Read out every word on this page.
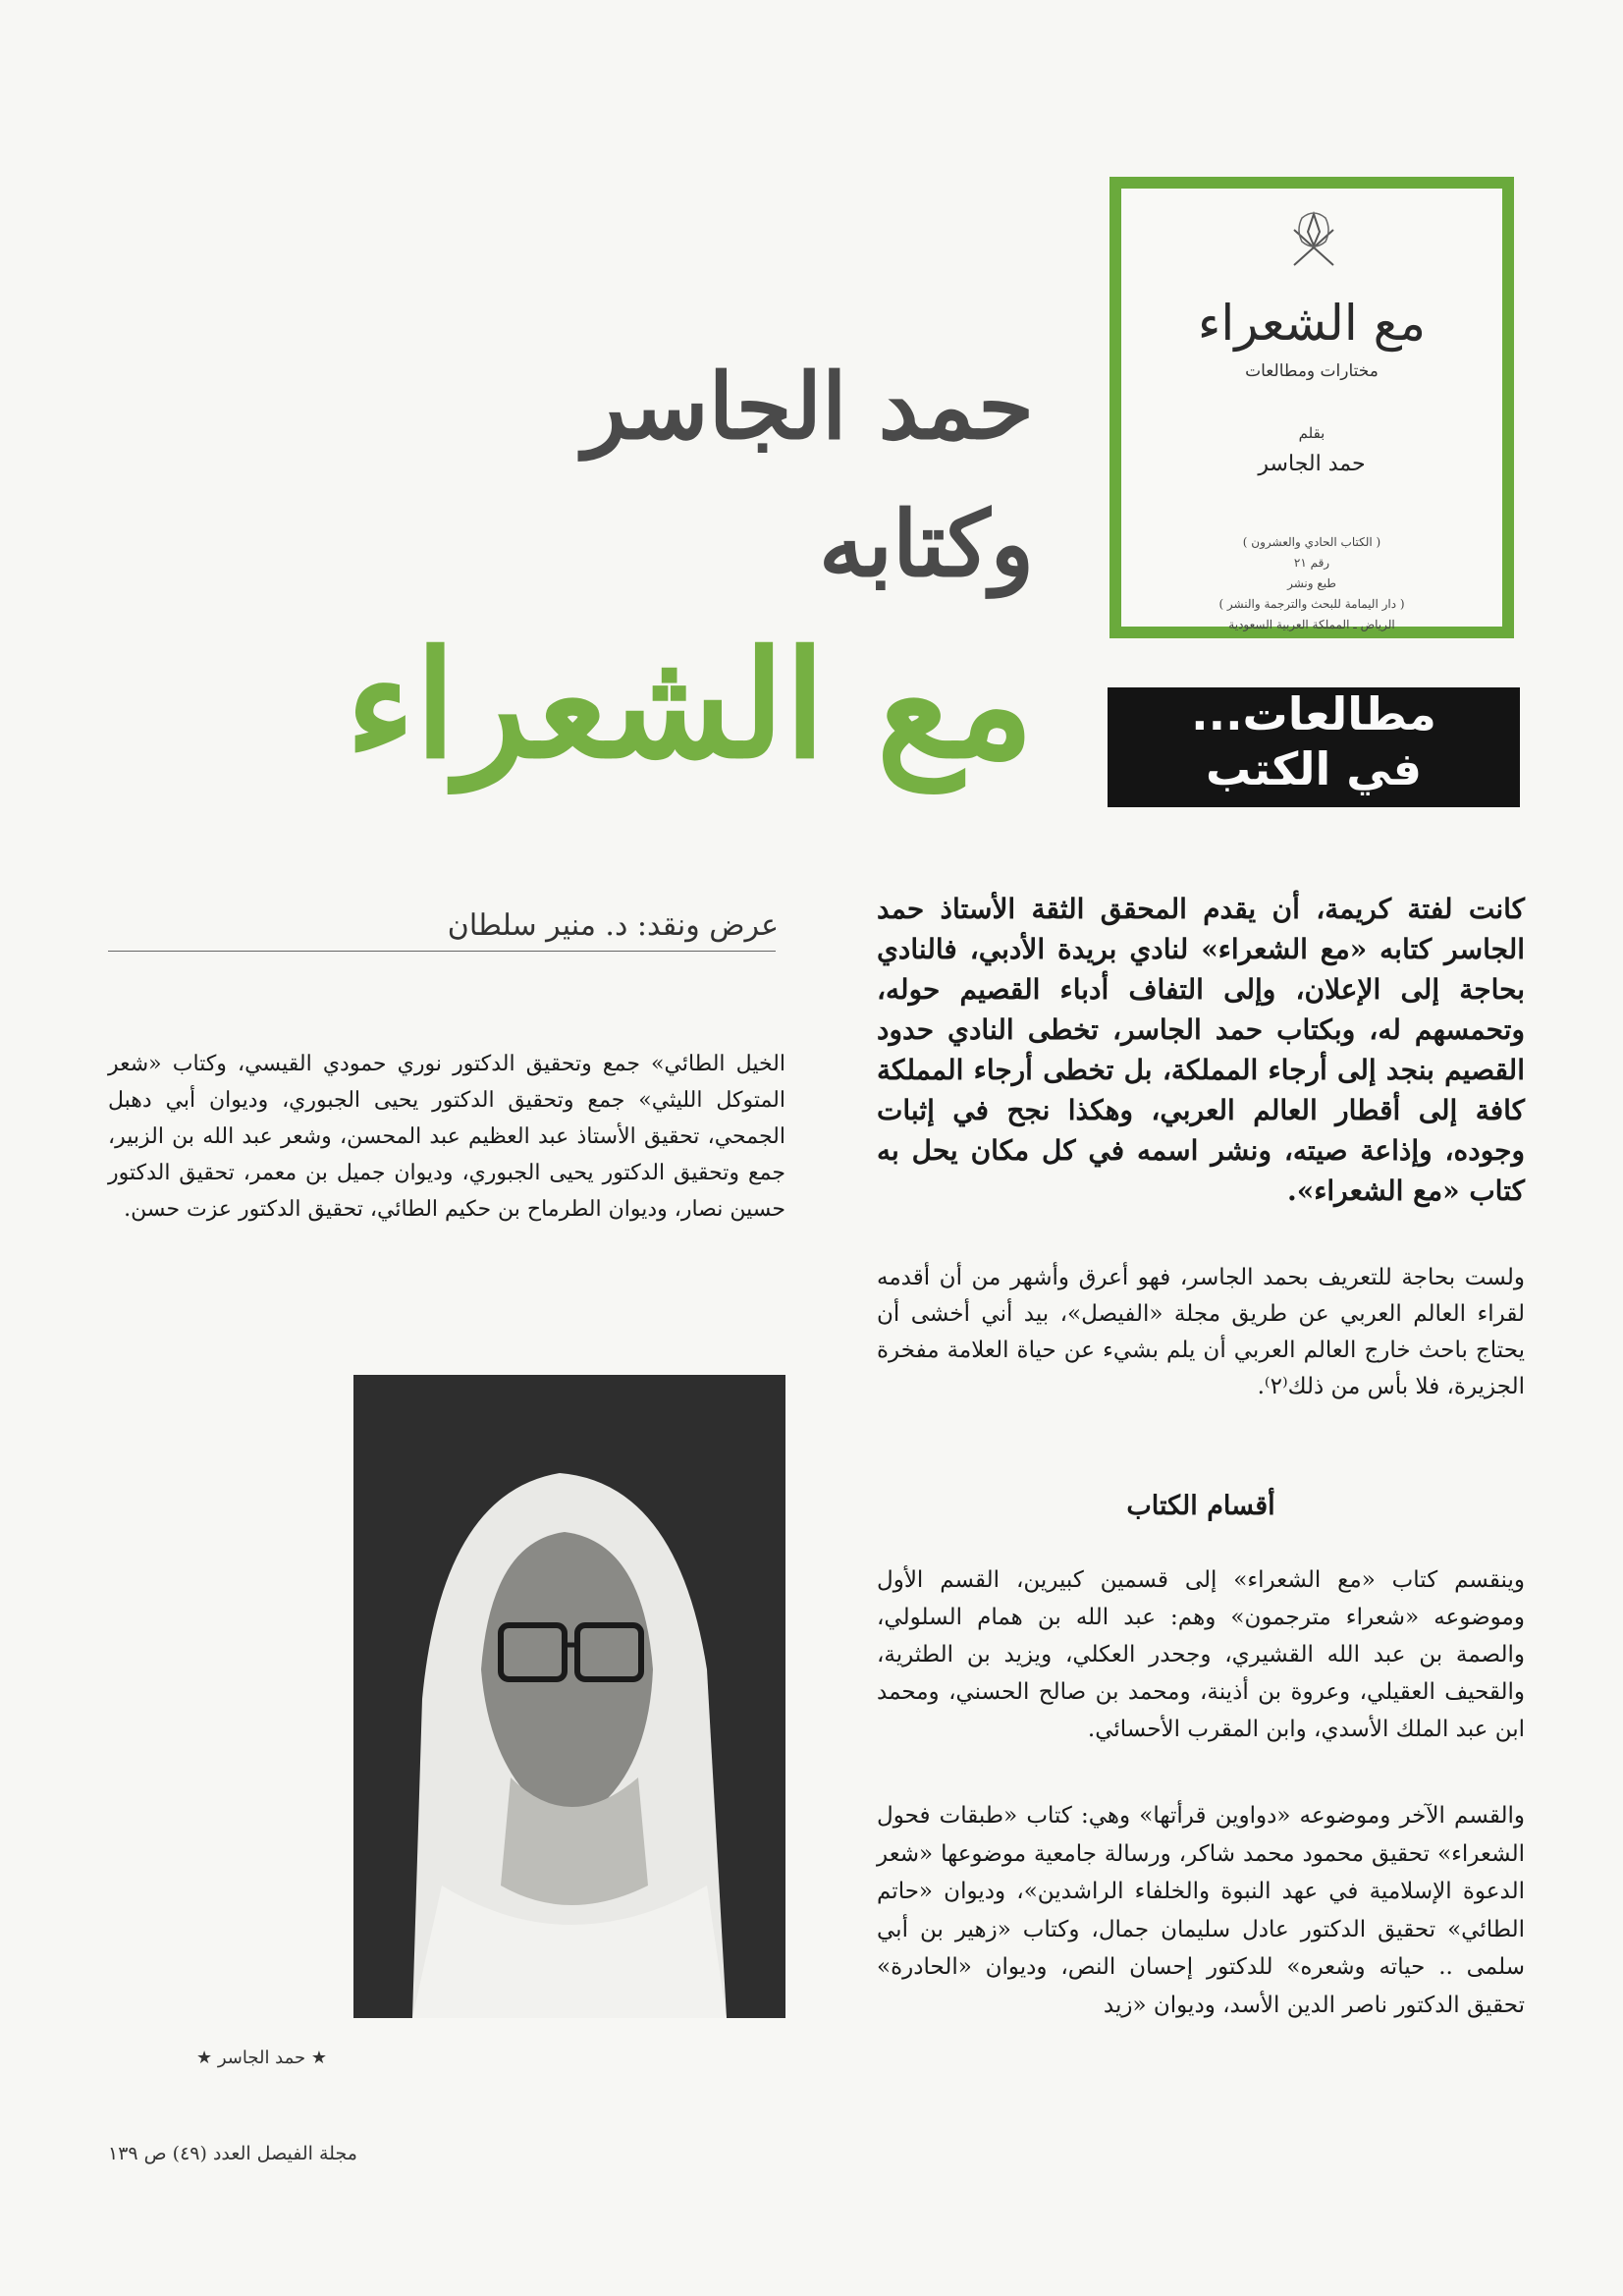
مع الشعراء
مختارات ومطالعات
بقلم
حمد الجاسر
( الكتاب الحادي والعشرون )
رقم ٢١
طبع ونشر
( دار اليمامة للبحث والترجمة والنشر )
الرياض ـ المملكة العربية السعودية
حمد الجاسر
وكتابه
مع الشعراء	مطالعات...
في الكتب
عرض ونقد: د. منير سلطان	كانت لفتة كريمة، أن يقدم المحقق الثقة الأستاذ حمد الجاسر كتابه «مع الشعراء» لنادي بريدة الأدبي، فالنادي بحاجة إلى الإعلان، وإلى التفاف أدباء القصيم حوله، وتحمسهم له، وبكتاب حمد الجاسر، تخطى النادي حدود القصيم بنجد إلى أرجاء المملكة، بل تخطى أرجاء المملكة كافة إلى أقطار العالم العربي، وهكذا نجح في إثبات وجوده، وإذاعة صيته، ونشر اسمه في كل مكان يحل به كتاب «مع الشعراء».
ولست بحاجة للتعريف بحمد الجاسر، فهو أعرق وأشهر من أن أقدمه لقراء العالم العربي عن طريق مجلة «الفيصل»، بيد أني أخشى أن يحتاج باحث خارج العالم العربي أن يلم بشيء عن حياة العلامة مفخرة الجزيرة، فلا بأس من ذلك⁽٢⁾.
أقسام الكتاب
وينقسم كتاب «مع الشعراء» إلى قسمين كبيرين، القسم الأول وموضوعه «شعراء مترجمون» وهم: عبد الله بن همام السلولي، والصمة بن عبد الله القشيري، وجحدر العكلي، ويزيد بن الطثرية، والقحيف العقيلي، وعروة بن أذينة، ومحمد بن صالح الحسني، ومحمد ابن عبد الملك الأسدي، وابن المقرب الأحسائي.
والقسم الآخر وموضوعه «دواوين قرأتها» وهي: كتاب «طبقات فحول الشعراء» تحقيق محمود محمد شاكر، ورسالة جامعية موضوعها «شعر الدعوة الإسلامية في عهد النبوة والخلفاء الراشدين»، وديوان «حاتم الطائي» تحقيق الدكتور عادل سليمان جمال، وكتاب «زهير بن أبي سلمى .. حياته وشعره» للدكتور إحسان النص، وديوان «الحادرة» تحقيق الدكتور ناصر الدين الأسد، وديوان «زيد
الخيل الطائي» جمع وتحقيق الدكتور نوري حمودي القيسي، وكتاب «شعر المتوكل الليثي» جمع وتحقيق الدكتور يحيى الجبوري، وديوان أبي دهبل الجمحي، تحقيق الأستاذ عبد العظيم عبد المحسن، وشعر عبد الله بن الزبير، جمع وتحقيق الدكتور يحيى الجبوري، وديوان جميل بن معمر، تحقيق الدكتور حسين نصار، وديوان الطرماح بن حكيم الطائي، تحقيق الدكتور عزت حسن.
★ حمد الجاسر ★
مجلة الفيصل العدد (٤٩) ص ١٣٩
